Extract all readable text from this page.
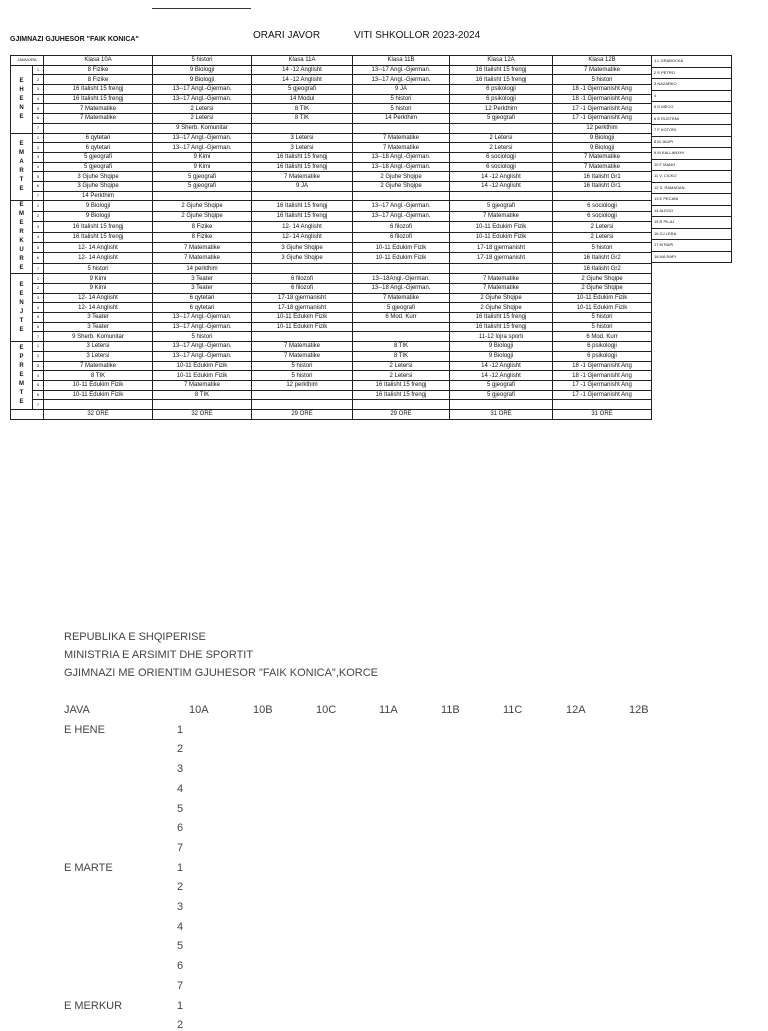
GJIMNAZI GJUHESOR "FAIK KONICA"	ORARI JAVOR	VITI SHKOLLOR 2023-2024
JAVA/ORA		Klasa 10A	5 histori	Klasa 11A	Klasa 11B	Klasa 12A	Klasa 12B
E HENE	1	8 Fizike	9 Biologji	14 -12 Anglisht	13--17 Angl.-Gjerman.	16 Italisht 15 frengj	7 Matematike
	2	8 Fizike	9 Biologji	14 -12 Anglisht	13--17 Angl.-Gjerman.	16 Italisht 15 frengj	5 histori
	3	16 Italisht 15 frengj	13--17 Angl.-Gjerman.	5 gjeografi	9 JA	6 psikologji	18 -1 Gjermanisht Ang
	4	16 Italisht 15 frengj	13--17 Angl.-Gjerman.	14 Modul	5 histori	6 psikologji	18 -1 Gjermanisht Ang
	5	7 Matematike	2 Letersi	8 TIK	5 histori	12 Perkthim	17 -1 Gjermanisht Ang
	6	7 Matematike	2 Letersi	8 TIK	14 Perkthim	5 gjeografi	17 -1 Gjermanisht Ang
	7		9 Sherb. Komunitar				12 perkthim
E MARTE	1	6 qytetari	13--17 Angl.-Gjerman.	3 Letersi	7 Matematike	2 Letersi	9 Biologji
	2	6 qytetari	13--17 Angl.-Gjerman.	3 Letersi	7 Matematike	2 Letersi	9 Biologji
	3	5 gjeografi	9 Kimi	16 Italisht 15 frengj	13--18 Angl.-Gjerman.	6 sociologji	7 Matematike
	4	5 gjeografi	9 Kimi	16 Italisht 15 frengj	13--18 Angl.-Gjerman.	6 sociologji	7 Matematike
	5	3 Gjuhe Shqipe	5 gjeografi	7 Matematike	2 Gjuhe Shqipe	14 -12 Anglisht	16 Italisht Gr1
	6	3 Gjuhe Shqipe	5 gjeografi	9 JA	2 Gjuhe Shqipe	14 -12 Anglisht	16 Italisht Gr1
	7	14 Perkthim					
E MERKURE	1	9 Biologji	2 Gjuhe Shqipe	16 Italisht 15 frengj	13--17 Angl.-Gjerman.	5 gjeografi	6 sociologji
	2	9 Biologji	2 Gjuhe Shqipe	16 Italisht 15 frengj	13--17 Angl.-Gjerman.	7 Matematike	6 sociologji
	3	16 Italisht 15 frengj	8 Fizike	12- 14 Anglisht	6 filozofi	10-11 Edukim Fizik	2 Letersi
	4	16 Italisht 15 frengj	8 Fizike	12- 14 Anglisht	6 filozofi	10-11 Edukim Fizik	2 Letersi
	5	12- 14 Anglisht	7 Matematike	3 Gjuhe Shqipe	10-11 Edukim Fizik	17-18 gjermanisht	5 histori
	6	12- 14 Anglisht	7 Matematike	3 Gjuhe Shqipe	10-11 Edukim Fizik	17-18 gjermanisht	16 Italisht Gr2
	7	5 histori	14 perkthim				16 Italisht Gr2
E ENJTE	1	9 Kimi	3 Teater	6 filozofi	13--18Angl.-Gjerman.	7 Matematike	2 Gjuhe Shqipe
	2	9 Kimi	3 Teater	6 filozofi	13--18 Angl.-Gjerman.	7 Matematike	2 Gjuhe Shqipe
	3	12- 14 Anglisht	6 qytetari	17-18 gjermanisht	7 Matematike	2 Gjuhe Shqipe	10-11 Edukim Fizik
	4	12- 14 Anglisht	6 qytetari	17-18 gjermanisht	5 gjeografi	2 Gjuhe Shqipe	10-11 Edukim Fizik
	5	3 Teater	13--17 Angl.-Gjerman.	10-11 Edukim Fizik	6 Mod. Kurr	16 Italisht 15 frengj	5 histori
	6	3 Teater	13--17 Angl.-Gjerman.	10-11 Edukim Fizik		16 Italisht 15 frengj	5 histori
	7	9 Sherb. Komunitar	5 histori			11-12 lojra sporti	6 Mod. Kurr
E PREMTE	1	3 Letersi	13--17 Angl.-Gjerman.	7 Matematike	8 TIK	9 Biologji	6 psikologji
	2	3 Letersi	13--17 Angl.-Gjerman.	7 Matematike	8 TIK	9 Biologji	6 psikologji
	3	7 Matematike	10-11 Edukim Fizik	5 histori	2 Letersi	14 -12 Anglisht	18 -1 Gjermanisht Ang
	4	8 TIK	10-11 Edukim Fizik	5 histori	2 Letersi	14 -12 Anglisht	18 -1 Gjermanisht Ang
	5	10-11 Edukim Fizik	7 Matematike	12 perkthim	16 Italisht 15 frengj	5 gjeografi	17 -1 Gjermanisht Ang
	6	10-11 Edukim Fizik	8 TIK		16 Italisht 15 frengj	5 gjeografi	17 -1 Gjermanisht Ang
	7						
		32 ORE	32 ORE	29 ORE	29 ORE	31 ORE	31 ORE
1 L GRABOCKA
2 E PETRO
3 NAZARKO
4
5 D MECO
6 E RUSTEMI
7 F KOTORI
8 M JAUPI
9 M KALLANXHI
10 F MANO
11 V. CICKO
12 S. RAMADAN
13 E PECANI
14 ALEGO
15 R PILAJ
16 GJ LERA
17 M RAPI
18 MA RAPI
REPUBLIKA E SHQIPERISE
MINISTRIA E ARSIMIT DHE SPORTIT
GJIMNAZI ME ORIENTIM GJUHESOR "FAIK KONICA",KORCE
JAVA	10A	10B	10C	11A	11B	11C	12A	12B
E HENE	1
2
3
4
5
6
7
E MARTE	1
2
3
4
5
6
7
E MERKUR	1
2
